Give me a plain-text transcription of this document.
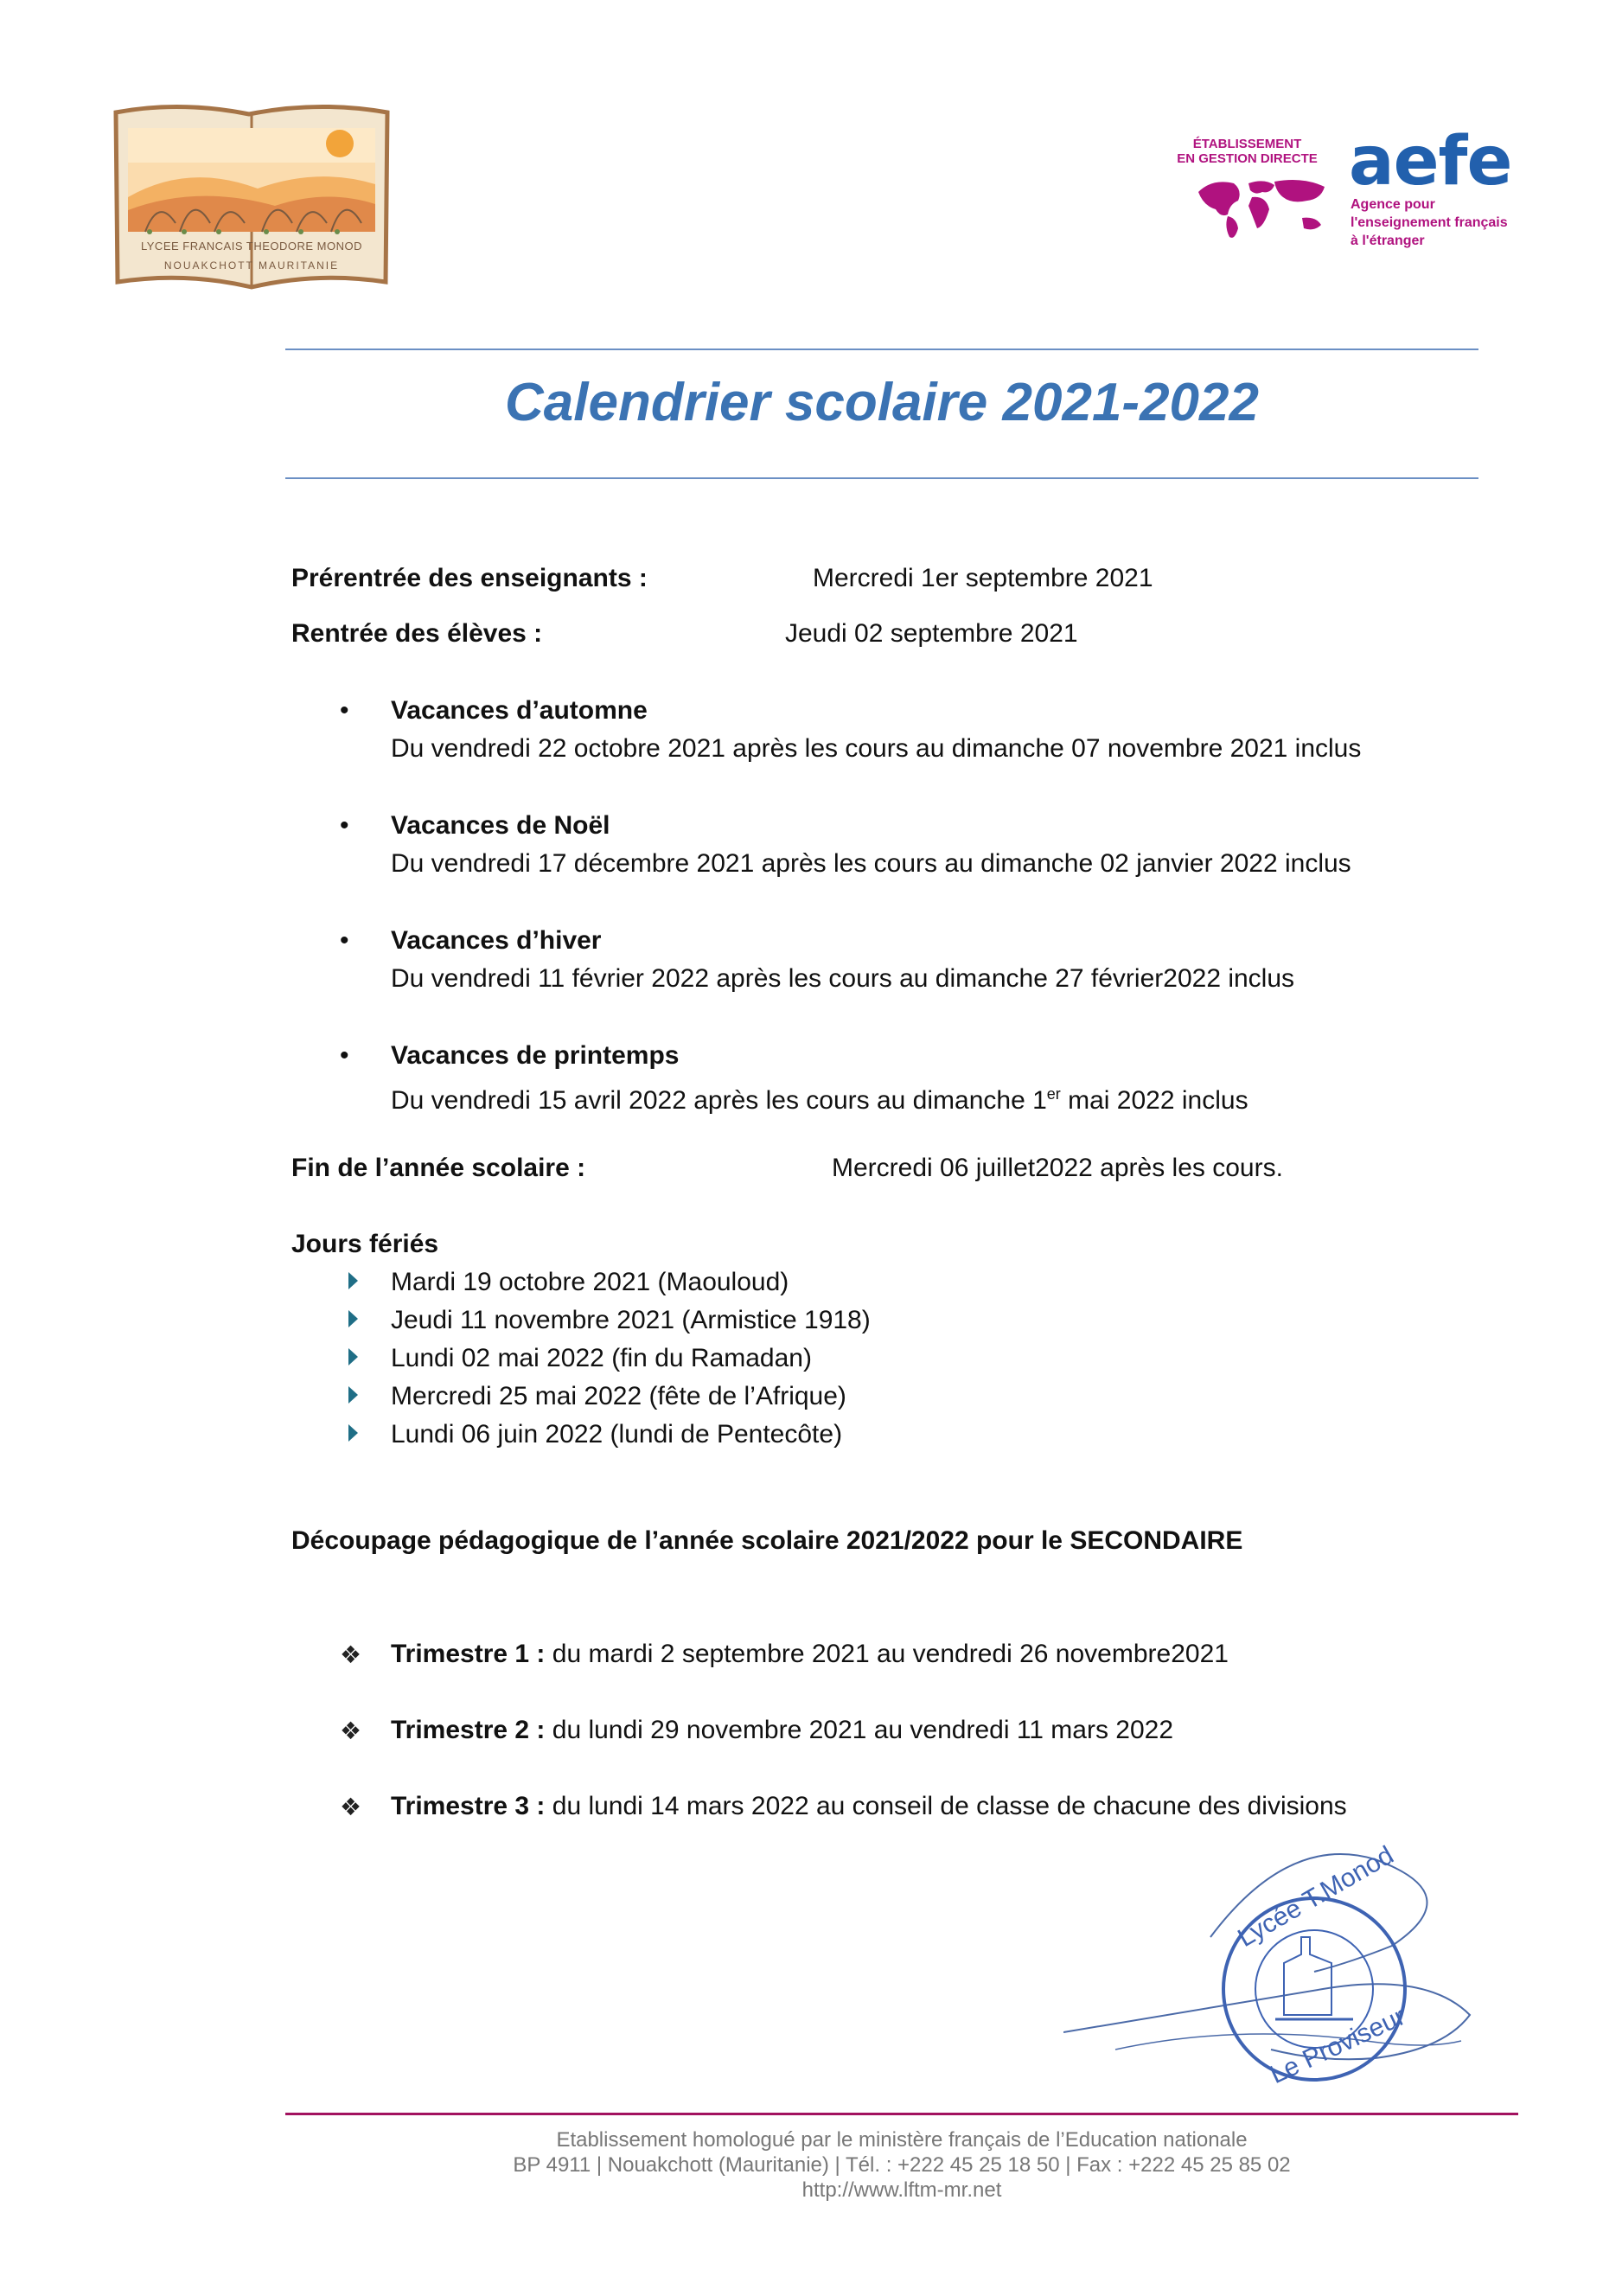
LYCEE FRANCAIS THEODORE MONOD
NOUAKCHOTT MAURITANIE
ÉTABLISSEMENT
EN GESTION DIRECTE aefe
Agence pour
l'enseignement français
à l'étranger
Calendrier scolaire 2021-2022
Prérentrée des enseignants :	Mercredi 1er septembre 2021
Rentrée des élèves :	Jeudi 02 septembre 2021
•	Vacances d’automne
Du vendredi 22 octobre 2021 après les cours au dimanche 07 novembre 2021 inclus
•	Vacances de Noël
Du vendredi 17 décembre 2021 après les cours au dimanche 02 janvier 2022 inclus
•	Vacances d’hiver
Du vendredi 11 février 2022 après les cours au dimanche 27 février2022 inclus
•	Vacances de printemps
Du vendredi 15 avril 2022 après les cours au dimanche 1er mai 2022 inclus
Fin de l’année scolaire :	Mercredi 06 juillet2022 après les cours.
Jours fériés
Mardi 19 octobre 2021 (Maouloud)
Jeudi 11 novembre 2021 (Armistice 1918)
Lundi 02 mai 2022 (fin du Ramadan)
Mercredi 25 mai 2022 (fête de l’Afrique)
Lundi 06 juin 2022 (lundi de Pentecôte)
Découpage pédagogique de l’année scolaire 2021/2022 pour le SECONDAIRE
❖ Trimestre 1 : du mardi 2 septembre 2021 au vendredi 26 novembre2021
❖ Trimestre 2 : du lundi 29 novembre 2021 au vendredi 11 mars 2022
❖ Trimestre 3 : du lundi 14 mars 2022 au conseil de classe de chacune des divisions
Lycée T.Monod
Le Proviseur
Etablissement homologué par le ministère français de l’Education nationale
BP 4911 | Nouakchott (Mauritanie) | Tél. : +222 45 25 18 50 | Fax : +222 45 25 85 02
http://www.lftm-mr.net
